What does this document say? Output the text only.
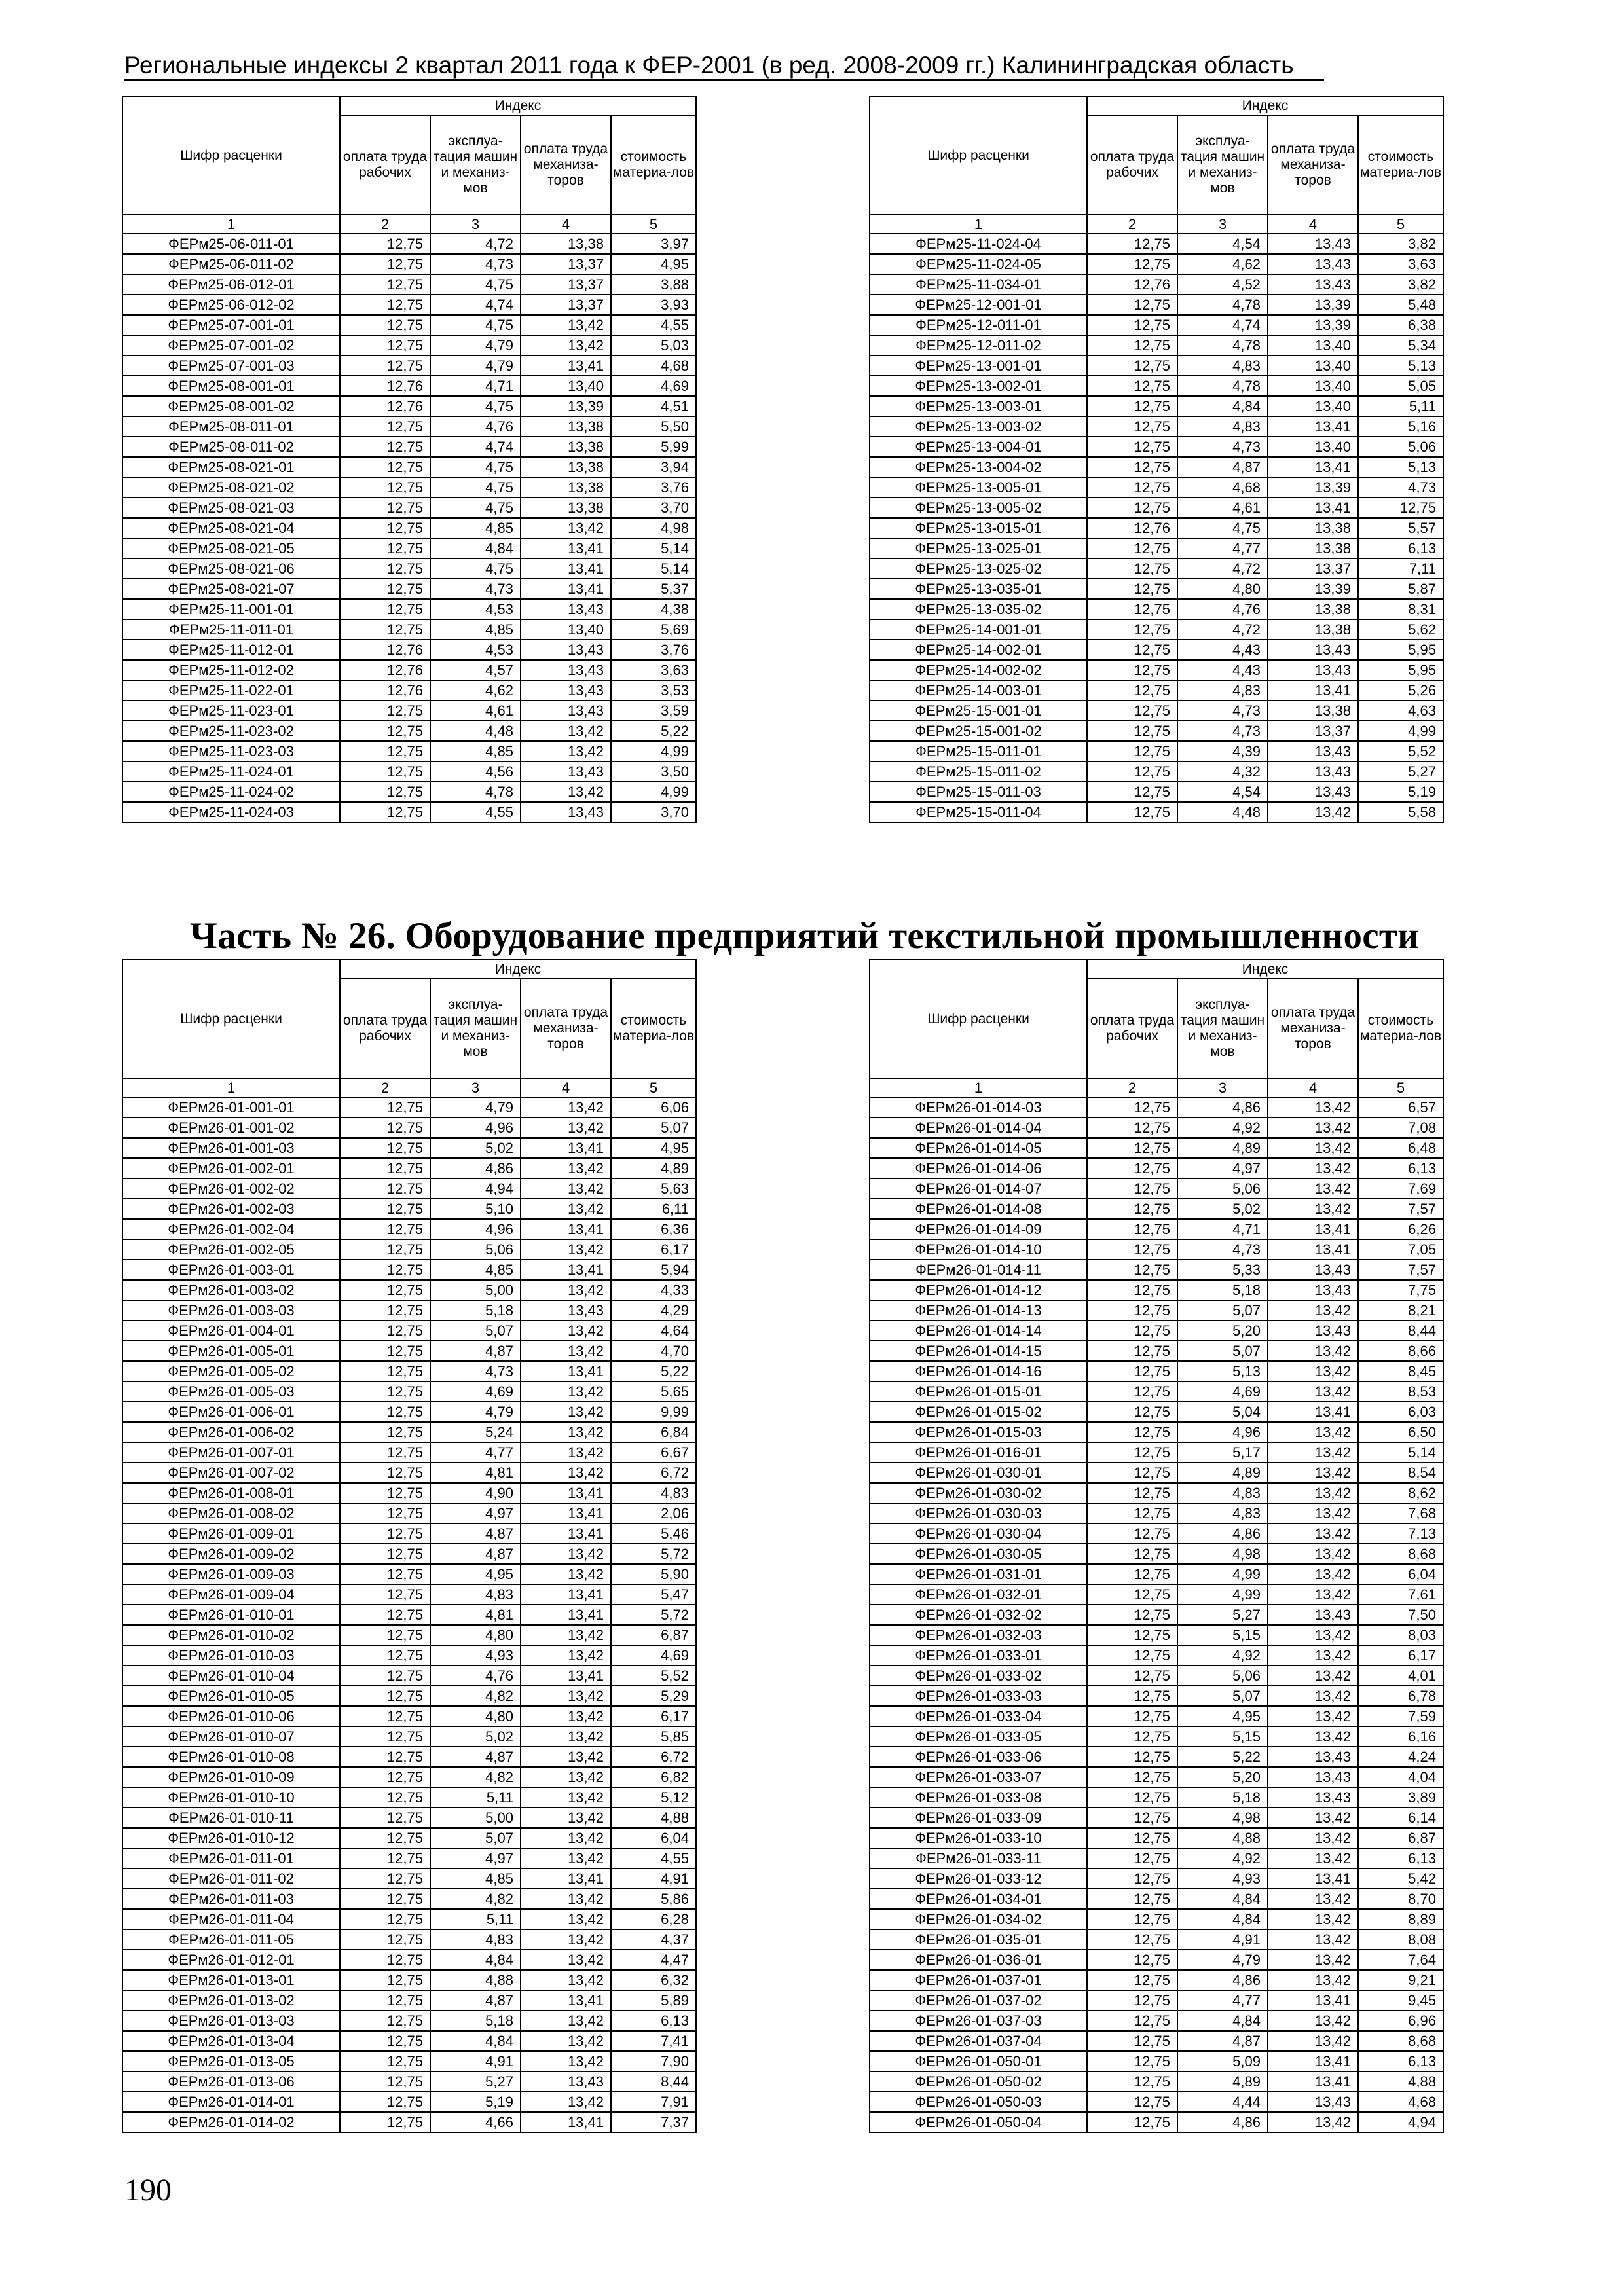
Региональные индексы 2 квартал 2011 года к ФЕР-2001 (в ред. 2008-2009 гг.) Калининградская область
Часть № 26. Оборудование предприятий текстильной промышленности
190
Шифр расценки	Индекс			
	оплата труда рабочих	эксплуа-тация машин и механиз-мов	оплата труда механиза-торов	стоимость материа-лов
1	2	3	4	5
ФЕРм25-06-011-01	12,75	4,72	13,38	3,97
ФЕРм25-06-011-02	12,75	4,73	13,37	4,95
ФЕРм25-06-012-01	12,75	4,75	13,37	3,88
ФЕРм25-06-012-02	12,75	4,74	13,37	3,93
ФЕРм25-07-001-01	12,75	4,75	13,42	4,55
ФЕРм25-07-001-02	12,75	4,79	13,42	5,03
ФЕРм25-07-001-03	12,75	4,79	13,41	4,68
ФЕРм25-08-001-01	12,76	4,71	13,40	4,69
ФЕРм25-08-001-02	12,76	4,75	13,39	4,51
ФЕРм25-08-011-01	12,75	4,76	13,38	5,50
ФЕРм25-08-011-02	12,75	4,74	13,38	5,99
ФЕРм25-08-021-01	12,75	4,75	13,38	3,94
ФЕРм25-08-021-02	12,75	4,75	13,38	3,76
ФЕРм25-08-021-03	12,75	4,75	13,38	3,70
ФЕРм25-08-021-04	12,75	4,85	13,42	4,98
ФЕРм25-08-021-05	12,75	4,84	13,41	5,14
ФЕРм25-08-021-06	12,75	4,75	13,41	5,14
ФЕРм25-08-021-07	12,75	4,73	13,41	5,37
ФЕРм25-11-001-01	12,75	4,53	13,43	4,38
ФЕРм25-11-011-01	12,75	4,85	13,40	5,69
ФЕРм25-11-012-01	12,76	4,53	13,43	3,76
ФЕРм25-11-012-02	12,76	4,57	13,43	3,63
ФЕРм25-11-022-01	12,76	4,62	13,43	3,53
ФЕРм25-11-023-01	12,75	4,61	13,43	3,59
ФЕРм25-11-023-02	12,75	4,48	13,42	5,22
ФЕРм25-11-023-03	12,75	4,85	13,42	4,99
ФЕРм25-11-024-01	12,75	4,56	13,43	3,50
ФЕРм25-11-024-02	12,75	4,78	13,42	4,99
ФЕРм25-11-024-03	12,75	4,55	13,43	3,70
Шифр расценки	Индекс			
	оплата труда рабочих	эксплуа-тация машин и механиз-мов	оплата труда механиза-торов	стоимость материа-лов
1	2	3	4	5
ФЕРм25-11-024-04	12,75	4,54	13,43	3,82
ФЕРм25-11-024-05	12,75	4,62	13,43	3,63
ФЕРм25-11-034-01	12,76	4,52	13,43	3,82
ФЕРм25-12-001-01	12,75	4,78	13,39	5,48
ФЕРм25-12-011-01	12,75	4,74	13,39	6,38
ФЕРм25-12-011-02	12,75	4,78	13,40	5,34
ФЕРм25-13-001-01	12,75	4,83	13,40	5,13
ФЕРм25-13-002-01	12,75	4,78	13,40	5,05
ФЕРм25-13-003-01	12,75	4,84	13,40	5,11
ФЕРм25-13-003-02	12,75	4,83	13,41	5,16
ФЕРм25-13-004-01	12,75	4,73	13,40	5,06
ФЕРм25-13-004-02	12,75	4,87	13,41	5,13
ФЕРм25-13-005-01	12,75	4,68	13,39	4,73
ФЕРм25-13-005-02	12,75	4,61	13,41	12,75
ФЕРм25-13-015-01	12,76	4,75	13,38	5,57
ФЕРм25-13-025-01	12,75	4,77	13,38	6,13
ФЕРм25-13-025-02	12,75	4,72	13,37	7,11
ФЕРм25-13-035-01	12,75	4,80	13,39	5,87
ФЕРм25-13-035-02	12,75	4,76	13,38	8,31
ФЕРм25-14-001-01	12,75	4,72	13,38	5,62
ФЕРм25-14-002-01	12,75	4,43	13,43	5,95
ФЕРм25-14-002-02	12,75	4,43	13,43	5,95
ФЕРм25-14-003-01	12,75	4,83	13,41	5,26
ФЕРм25-15-001-01	12,75	4,73	13,38	4,63
ФЕРм25-15-001-02	12,75	4,73	13,37	4,99
ФЕРм25-15-011-01	12,75	4,39	13,43	5,52
ФЕРм25-15-011-02	12,75	4,32	13,43	5,27
ФЕРм25-15-011-03	12,75	4,54	13,43	5,19
ФЕРм25-15-011-04	12,75	4,48	13,42	5,58
Шифр расценки	Индекс			
	оплата труда рабочих	эксплуа-тация машин и механиз-мов	оплата труда механиза-торов	стоимость материа-лов
1	2	3	4	5
ФЕРм26-01-001-01	12,75	4,79	13,42	6,06
ФЕРм26-01-001-02	12,75	4,96	13,42	5,07
ФЕРм26-01-001-03	12,75	5,02	13,41	4,95
ФЕРм26-01-002-01	12,75	4,86	13,42	4,89
ФЕРм26-01-002-02	12,75	4,94	13,42	5,63
ФЕРм26-01-002-03	12,75	5,10	13,42	6,11
ФЕРм26-01-002-04	12,75	4,96	13,41	6,36
ФЕРм26-01-002-05	12,75	5,06	13,42	6,17
ФЕРм26-01-003-01	12,75	4,85	13,41	5,94
ФЕРм26-01-003-02	12,75	5,00	13,42	4,33
ФЕРм26-01-003-03	12,75	5,18	13,43	4,29
ФЕРм26-01-004-01	12,75	5,07	13,42	4,64
ФЕРм26-01-005-01	12,75	4,87	13,42	4,70
ФЕРм26-01-005-02	12,75	4,73	13,41	5,22
ФЕРм26-01-005-03	12,75	4,69	13,42	5,65
ФЕРм26-01-006-01	12,75	4,79	13,42	9,99
ФЕРм26-01-006-02	12,75	5,24	13,42	6,84
ФЕРм26-01-007-01	12,75	4,77	13,42	6,67
ФЕРм26-01-007-02	12,75	4,81	13,42	6,72
ФЕРм26-01-008-01	12,75	4,90	13,41	4,83
ФЕРм26-01-008-02	12,75	4,97	13,41	2,06
ФЕРм26-01-009-01	12,75	4,87	13,41	5,46
ФЕРм26-01-009-02	12,75	4,87	13,42	5,72
ФЕРм26-01-009-03	12,75	4,95	13,42	5,90
ФЕРм26-01-009-04	12,75	4,83	13,41	5,47
ФЕРм26-01-010-01	12,75	4,81	13,41	5,72
ФЕРм26-01-010-02	12,75	4,80	13,42	6,87
ФЕРм26-01-010-03	12,75	4,93	13,42	4,69
ФЕРм26-01-010-04	12,75	4,76	13,41	5,52
ФЕРм26-01-010-05	12,75	4,82	13,42	5,29
ФЕРм26-01-010-06	12,75	4,80	13,42	6,17
ФЕРм26-01-010-07	12,75	5,02	13,42	5,85
ФЕРм26-01-010-08	12,75	4,87	13,42	6,72
ФЕРм26-01-010-09	12,75	4,82	13,42	6,82
ФЕРм26-01-010-10	12,75	5,11	13,42	5,12
ФЕРм26-01-010-11	12,75	5,00	13,42	4,88
ФЕРм26-01-010-12	12,75	5,07	13,42	6,04
ФЕРм26-01-011-01	12,75	4,97	13,42	4,55
ФЕРм26-01-011-02	12,75	4,85	13,41	4,91
ФЕРм26-01-011-03	12,75	4,82	13,42	5,86
ФЕРм26-01-011-04	12,75	5,11	13,42	6,28
ФЕРм26-01-011-05	12,75	4,83	13,42	4,37
ФЕРм26-01-012-01	12,75	4,84	13,42	4,47
ФЕРм26-01-013-01	12,75	4,88	13,42	6,32
ФЕРм26-01-013-02	12,75	4,87	13,41	5,89
ФЕРм26-01-013-03	12,75	5,18	13,42	6,13
ФЕРм26-01-013-04	12,75	4,84	13,42	7,41
ФЕРм26-01-013-05	12,75	4,91	13,42	7,90
ФЕРм26-01-013-06	12,75	5,27	13,43	8,44
ФЕРм26-01-014-01	12,75	5,19	13,42	7,91
ФЕРм26-01-014-02	12,75	4,66	13,41	7,37
Шифр расценки	Индекс			
	оплата труда рабочих	эксплуа-тация машин и механиз-мов	оплата труда механиза-торов	стоимость материа-лов
1	2	3	4	5
ФЕРм26-01-014-03	12,75	4,86	13,42	6,57
ФЕРм26-01-014-04	12,75	4,92	13,42	7,08
ФЕРм26-01-014-05	12,75	4,89	13,42	6,48
ФЕРм26-01-014-06	12,75	4,97	13,42	6,13
ФЕРм26-01-014-07	12,75	5,06	13,42	7,69
ФЕРм26-01-014-08	12,75	5,02	13,42	7,57
ФЕРм26-01-014-09	12,75	4,71	13,41	6,26
ФЕРм26-01-014-10	12,75	4,73	13,41	7,05
ФЕРм26-01-014-11	12,75	5,33	13,43	7,57
ФЕРм26-01-014-12	12,75	5,18	13,43	7,75
ФЕРм26-01-014-13	12,75	5,07	13,42	8,21
ФЕРм26-01-014-14	12,75	5,20	13,43	8,44
ФЕРм26-01-014-15	12,75	5,07	13,42	8,66
ФЕРм26-01-014-16	12,75	5,13	13,42	8,45
ФЕРм26-01-015-01	12,75	4,69	13,42	8,53
ФЕРм26-01-015-02	12,75	5,04	13,41	6,03
ФЕРм26-01-015-03	12,75	4,96	13,42	6,50
ФЕРм26-01-016-01	12,75	5,17	13,42	5,14
ФЕРм26-01-030-01	12,75	4,89	13,42	8,54
ФЕРм26-01-030-02	12,75	4,83	13,42	8,62
ФЕРм26-01-030-03	12,75	4,83	13,42	7,68
ФЕРм26-01-030-04	12,75	4,86	13,42	7,13
ФЕРм26-01-030-05	12,75	4,98	13,42	8,68
ФЕРм26-01-031-01	12,75	4,99	13,42	6,04
ФЕРм26-01-032-01	12,75	4,99	13,42	7,61
ФЕРм26-01-032-02	12,75	5,27	13,43	7,50
ФЕРм26-01-032-03	12,75	5,15	13,42	8,03
ФЕРм26-01-033-01	12,75	4,92	13,42	6,17
ФЕРм26-01-033-02	12,75	5,06	13,42	4,01
ФЕРм26-01-033-03	12,75	5,07	13,42	6,78
ФЕРм26-01-033-04	12,75	4,95	13,42	7,59
ФЕРм26-01-033-05	12,75	5,15	13,42	6,16
ФЕРм26-01-033-06	12,75	5,22	13,43	4,24
ФЕРм26-01-033-07	12,75	5,20	13,43	4,04
ФЕРм26-01-033-08	12,75	5,18	13,43	3,89
ФЕРм26-01-033-09	12,75	4,98	13,42	6,14
ФЕРм26-01-033-10	12,75	4,88	13,42	6,87
ФЕРм26-01-033-11	12,75	4,92	13,42	6,13
ФЕРм26-01-033-12	12,75	4,93	13,41	5,42
ФЕРм26-01-034-01	12,75	4,84	13,42	8,70
ФЕРм26-01-034-02	12,75	4,84	13,42	8,89
ФЕРм26-01-035-01	12,75	4,91	13,42	8,08
ФЕРм26-01-036-01	12,75	4,79	13,42	7,64
ФЕРм26-01-037-01	12,75	4,86	13,42	9,21
ФЕРм26-01-037-02	12,75	4,77	13,41	9,45
ФЕРм26-01-037-03	12,75	4,84	13,42	6,96
ФЕРм26-01-037-04	12,75	4,87	13,42	8,68
ФЕРм26-01-050-01	12,75	5,09	13,41	6,13
ФЕРм26-01-050-02	12,75	4,89	13,41	4,88
ФЕРм26-01-050-03	12,75	4,44	13,43	4,68
ФЕРм26-01-050-04	12,75	4,86	13,42	4,94
